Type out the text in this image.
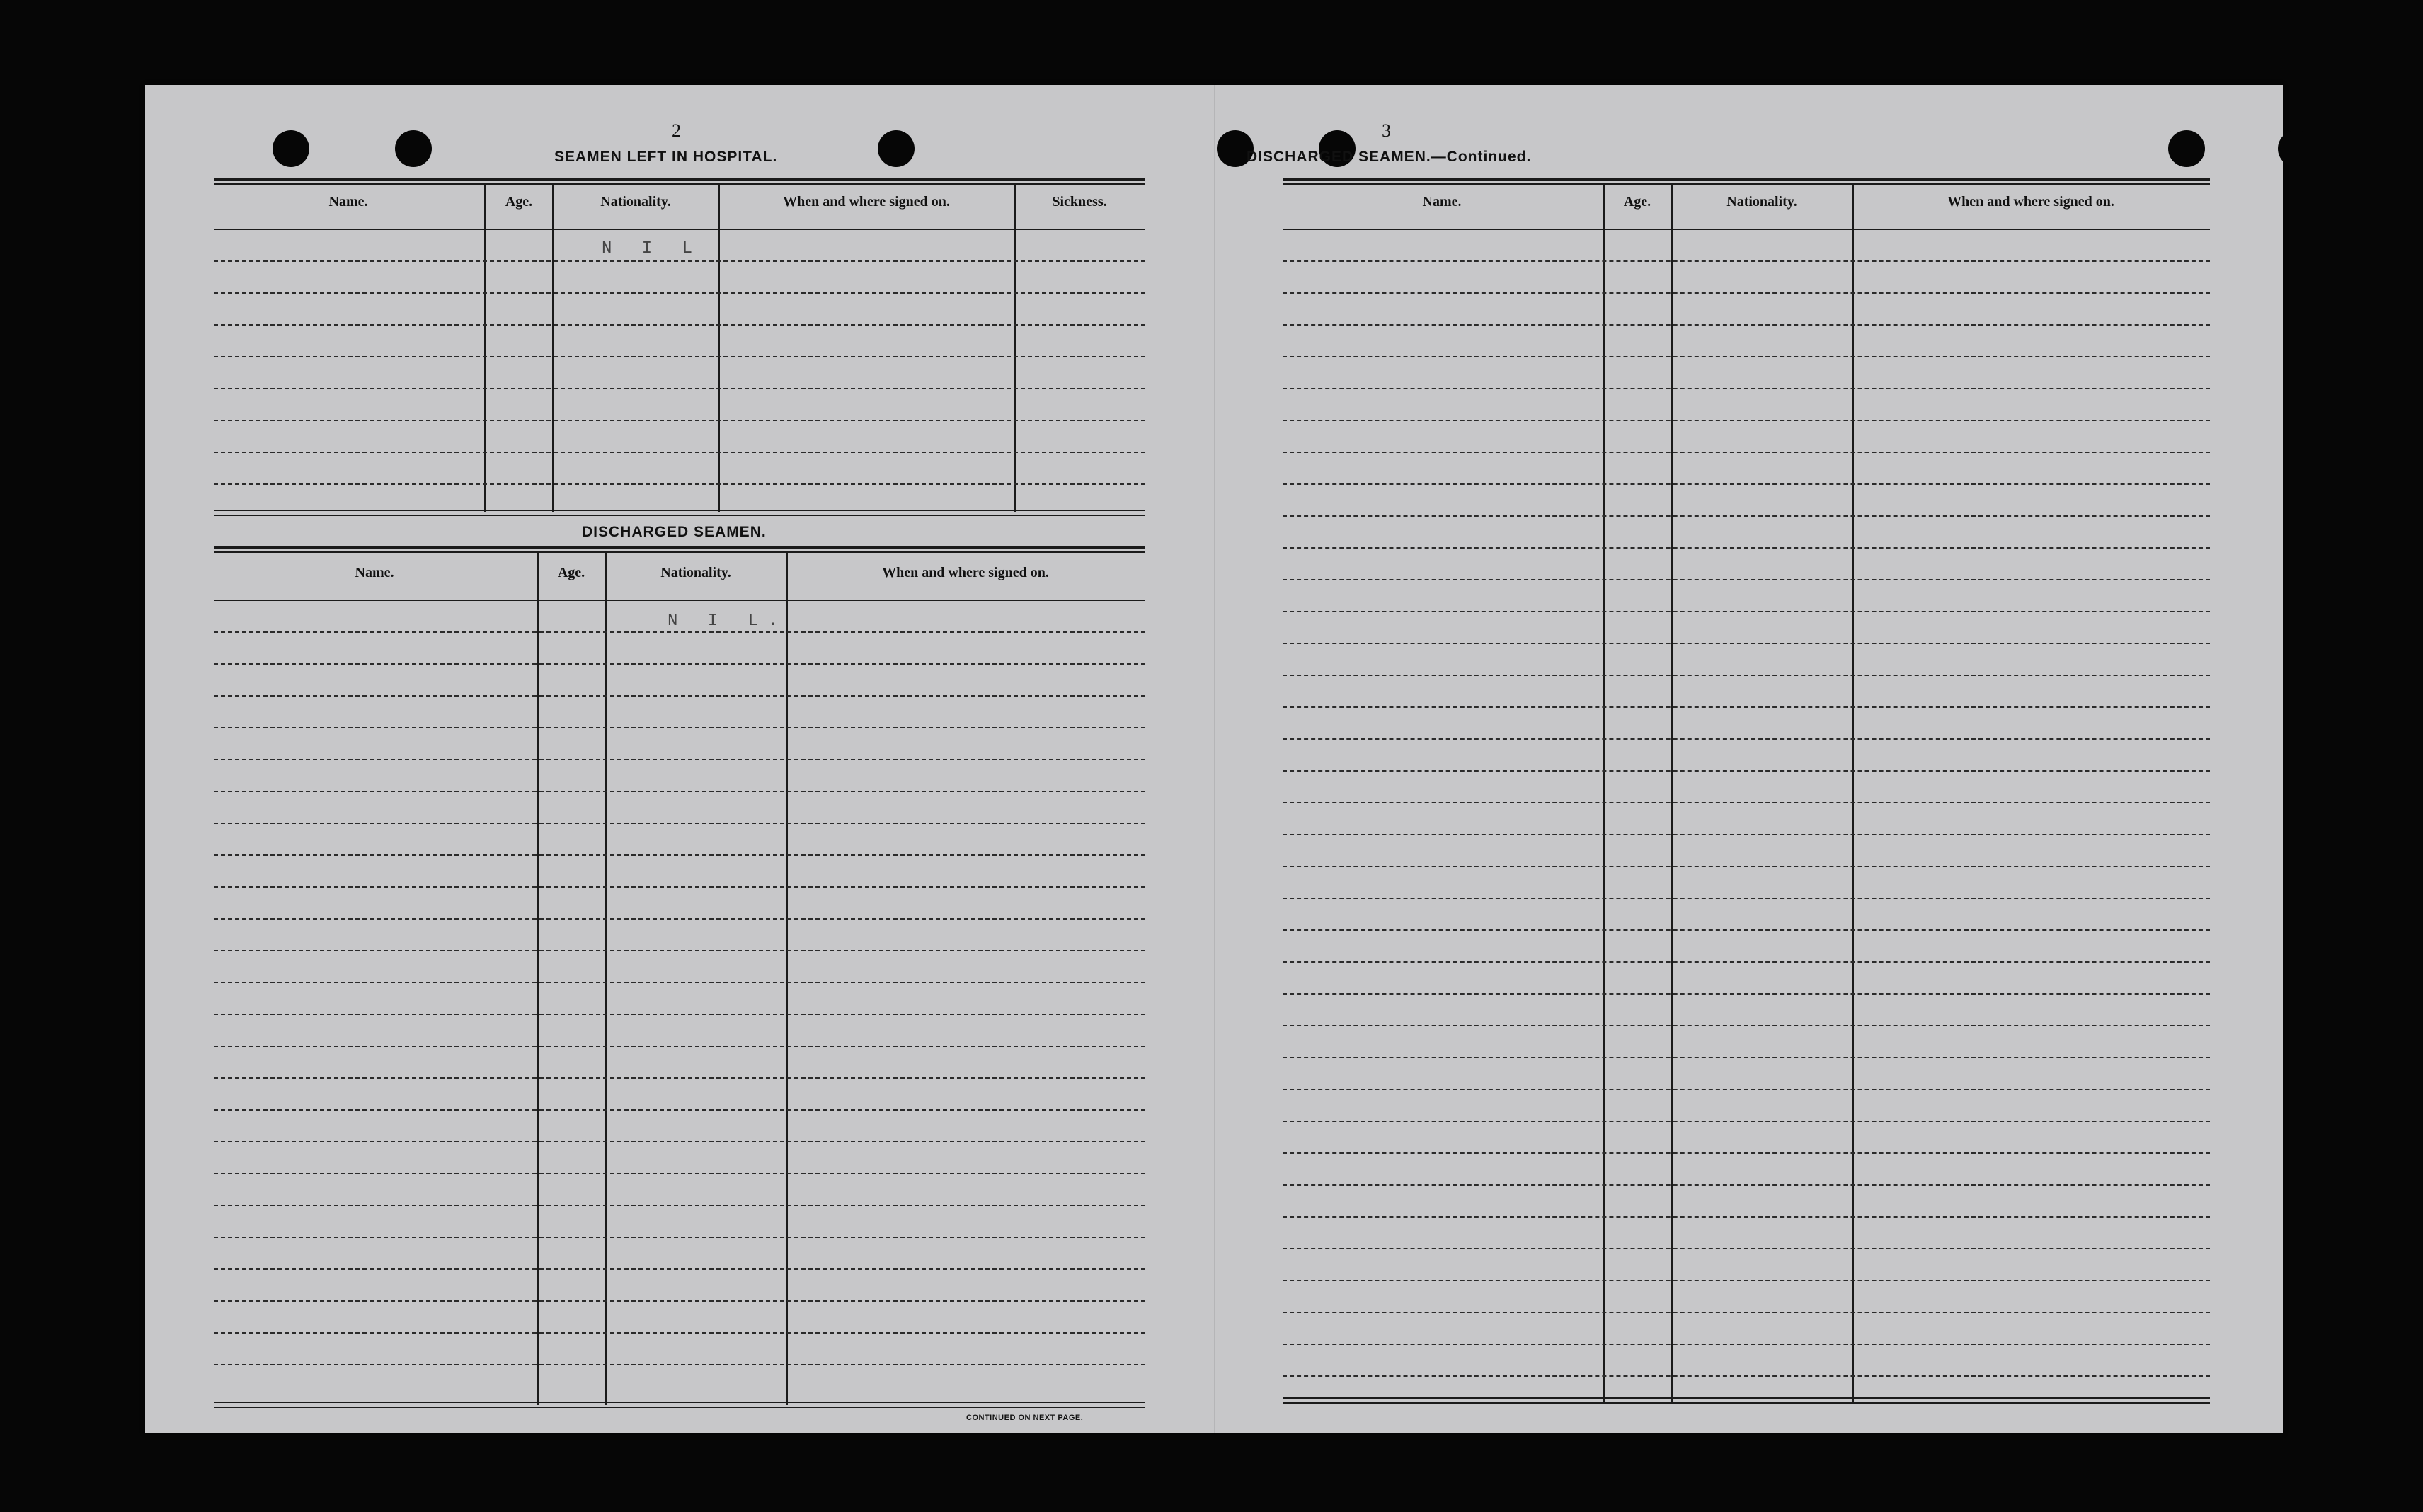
2
SEAMEN LEFT IN HOSPITAL.
Name.	Age.	Nationality.	When and where signed on.	Sickness.
N I L
DISCHARGED SEAMEN.
Name.	Age.	Nationality.	When and where signed on.
N I L.
CONTINUED ON NEXT PAGE.
3
DISCHARGED SEAMEN.—Continued.
Name.	Age.	Nationality.	When and where signed on.
